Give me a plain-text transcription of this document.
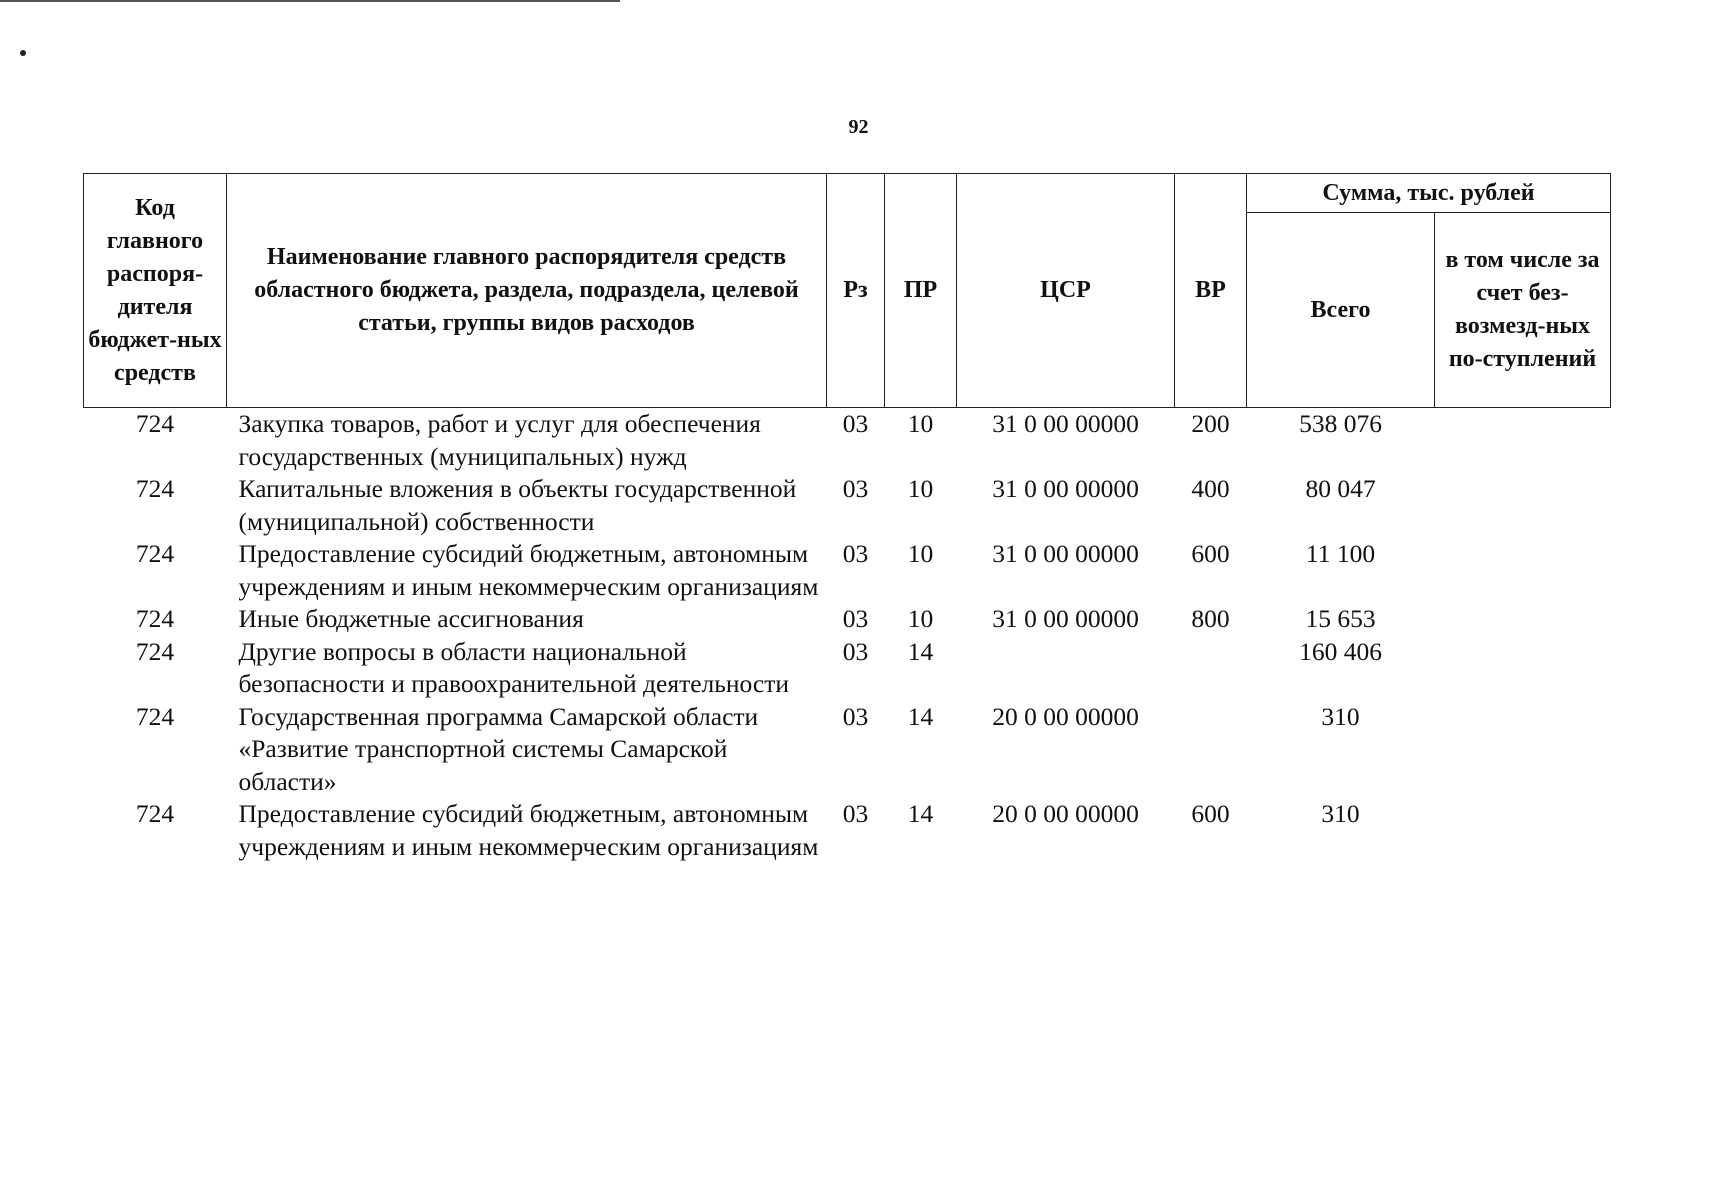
92
Код главного распоря-дителя бюджет-ных средств	Наименование главного распорядителя средств областного бюджета, раздела, подраздела, целевой статьи, группы видов расходов	Рз	ПР	ЦСР	ВР	Сумма, тыс. рублей	
						Всего	в том числе за счет без-возмезд-ных по-ступлений
724	Закупка товаров, работ и услуг для обеспечения государственных (муниципальных) нужд	03	10	31 0 00 00000	200	538 076	
724	Капитальные вложения в объекты государственной (муниципальной) собственности	03	10	31 0 00 00000	400	80 047	
724	Предоставление субсидий бюджетным, автономным учреждениям и иным некоммерческим организациям	03	10	31 0 00 00000	600	11 100	
724	Иные бюджетные ассигнования	03	10	31 0 00 00000	800	15 653	
724	Другие вопросы в области национальной безопасности и правоохранительной деятельности	03	14			160 406	
724	Государственная программа Самарской области «Развитие транспортной системы Самарской области»	03	14	20 0 00 00000		310	
724	Предоставление субсидий бюджетным, автономным учреждениям и иным некоммерческим организациям	03	14	20 0 00 00000	600	310	
